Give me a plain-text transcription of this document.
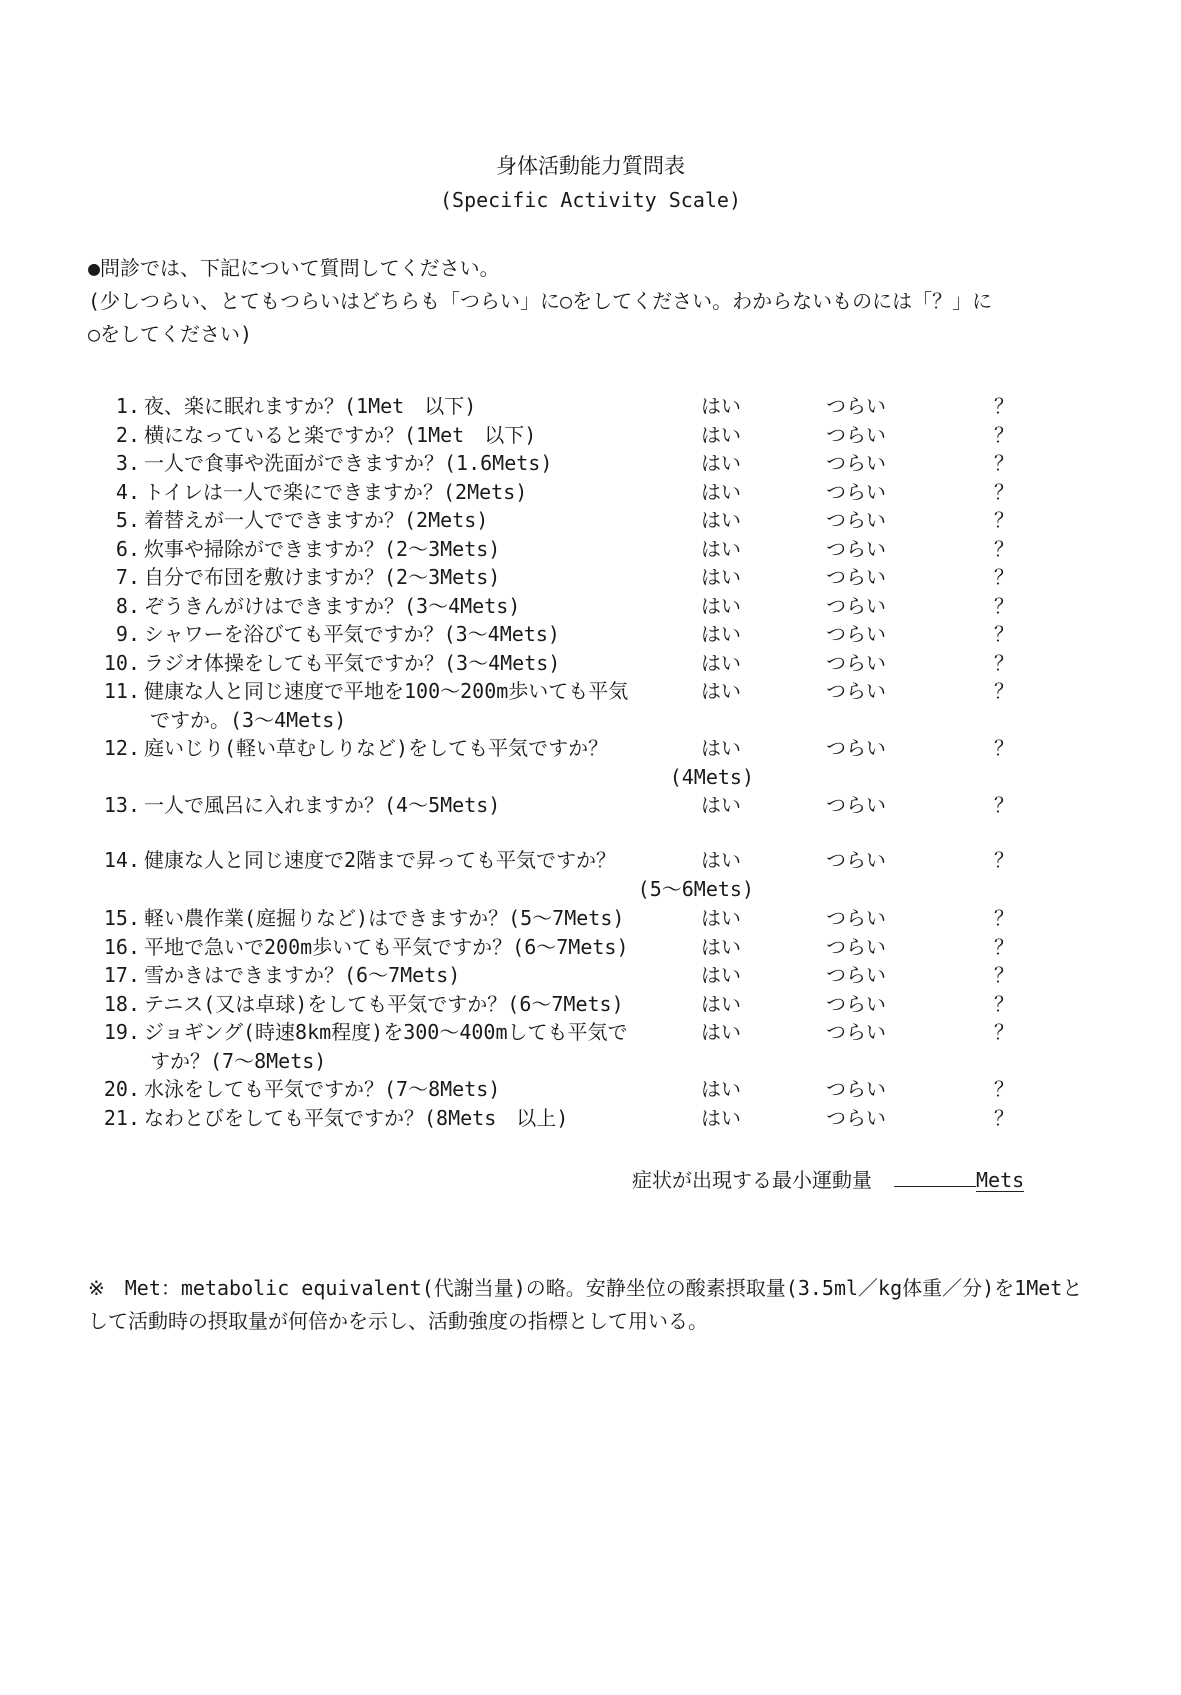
身体活動能力質問表
(Specific Activity Scale)
●問診では、下記について質問してください。
(少しつらい、とてもつらいはどちらも「つらい」に○をしてください。わからないものには「？」に
○をしてください)
1. 夜、楽に眠れますか？(1Met　以下)	はい	つらい	？
2. 横になっていると楽ですか？(1Met　以下)	はい	つらい	？
3. 一人で食事や洗面ができますか？(1.6Mets)	はい	つらい	？
4. トイレは一人で楽にできますか？(2Mets)	はい	つらい	？
5. 着替えが一人でできますか？(2Mets)	はい	つらい	？
6. 炊事や掃除ができますか？(2～3Mets)	はい	つらい	？
7. 自分で布団を敷けますか？(2～3Mets)	はい	つらい	？
8. ぞうきんがけはできますか？(3～4Mets)	はい	つらい	？
9. シャワーを浴びても平気ですか？(3～4Mets)	はい	つらい	？
10. ラジオ体操をしても平気ですか？(3～4Mets)	はい	つらい	？
11. 健康な人と同じ速度で平地を100～200m歩いても平気
ですか。(3～4Mets)
はい	つらい	？
12. 庭いじり(軽い草むしりなど)をしても平気ですか？
(4Mets)
はい	つらい	？
13. 一人で風呂に入れますか？(4～5Mets)	はい	つらい	？
14. 健康な人と同じ速度で2階まで昇っても平気ですか？
(5～6Mets)
はい	つらい	？
15. 軽い農作業(庭掘りなど)はできますか？(5～7Mets)	はい	つらい	？
16. 平地で急いで200m歩いても平気ですか？(6～7Mets)	はい	つらい	？
17. 雪かきはできますか？(6～7Mets)	はい	つらい	？
18. テニス(又は卓球)をしても平気ですか？(6～7Mets)	はい	つらい	？
19. ジョギング(時速8km程度)を300～400mしても平気で
すか？(7～8Mets)
はい	つらい	？
20. 水泳をしても平気ですか？(7～8Mets)	はい	つらい	？
21. なわとびをしても平気ですか？(8Mets　以上)	はい	つらい	？
症状が出現する最小運動量	Mets
※　Met：metabolic equivalent(代謝当量)の略。安静坐位の酸素摂取量(3.5ml／kg体重／分)を1Metと
して活動時の摂取量が何倍かを示し、活動強度の指標として用いる。
